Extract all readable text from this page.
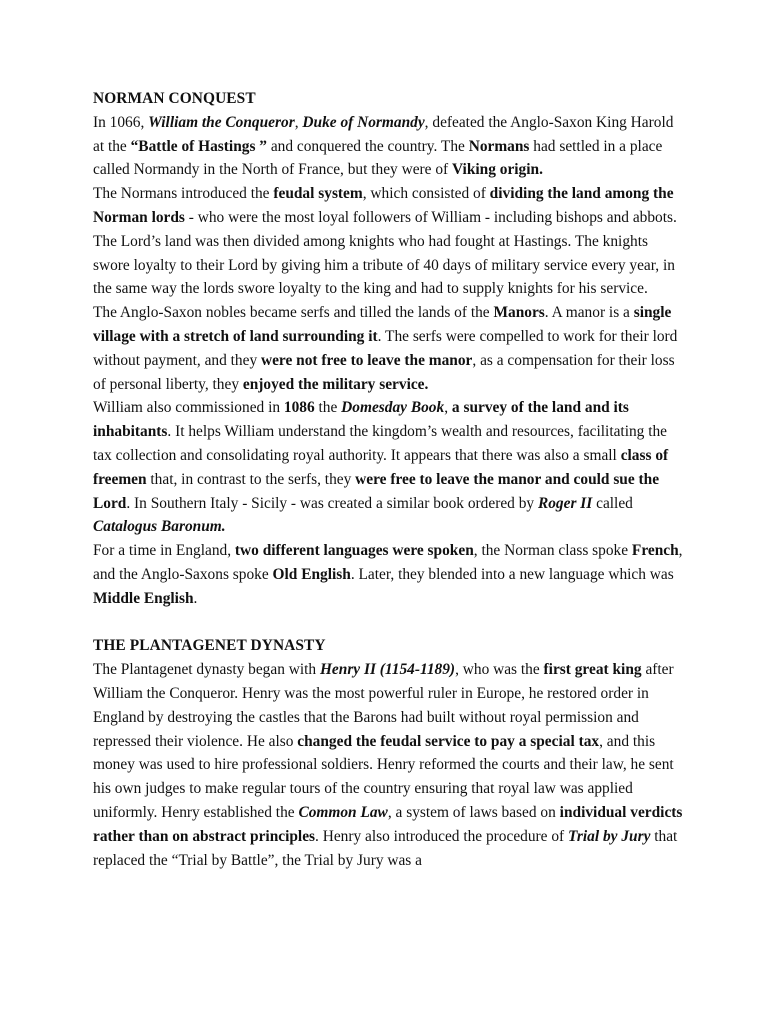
NORMAN CONQUEST

In 1066, William the Conqueror, Duke of Normandy, defeated the Anglo-Saxon King Harold at the “Battle of Hastings ” and conquered the country. The Normans had settled in a place called Normandy in the North of France, but they were of Viking origin.

The Normans introduced the feudal system, which consisted of dividing the land among the Norman lords - who were the most loyal followers of William - including bishops and abbots. The Lord’s land was then divided among knights who had fought at Hastings. The knights swore loyalty to their Lord by giving him a tribute of 40 days of military service every year, in the same way the lords swore loyalty to the king and had to supply knights for his service.

The Anglo-Saxon nobles became serfs and tilled the lands of the Manors. A manor is a single village with a stretch of land surrounding it. The serfs were compelled to work for their lord without payment, and they were not free to leave the manor, as a compensation for their loss of personal liberty, they enjoyed the military service.

William also commissioned in 1086 the Domesday Book, a survey of the land and its inhabitants. It helps William understand the kingdom’s wealth and resources, facilitating the tax collection and consolidating royal authority. It appears that there was also a small class of freemen that, in contrast to the serfs, they were free to leave the manor and could sue the Lord. In Southern Italy - Sicily - was created a similar book ordered by Roger II called Catalogus Baronum.

For a time in England, two different languages were spoken, the Norman class spoke French, and the Anglo-Saxons spoke Old English. Later, they blended into a new language which was Middle English.

THE PLANTAGENET DYNASTY

The Plantagenet dynasty began with Henry II (1154-1189), who was the first great king after William the Conqueror. Henry was the most powerful ruler in Europe, he restored order in England by destroying the castles that the Barons had built without royal permission and repressed their violence. He also changed the feudal service to pay a special tax, and this money was used to hire professional soldiers. Henry reformed the courts and their law, he sent his own judges to make regular tours of the country ensuring that royal law was applied uniformly. Henry established the Common Law, a system of laws based on individual verdicts rather than on abstract principles. Henry also introduced the procedure of Trial by Jury that replaced the “Trial by Battle”, the Trial by Jury was a
